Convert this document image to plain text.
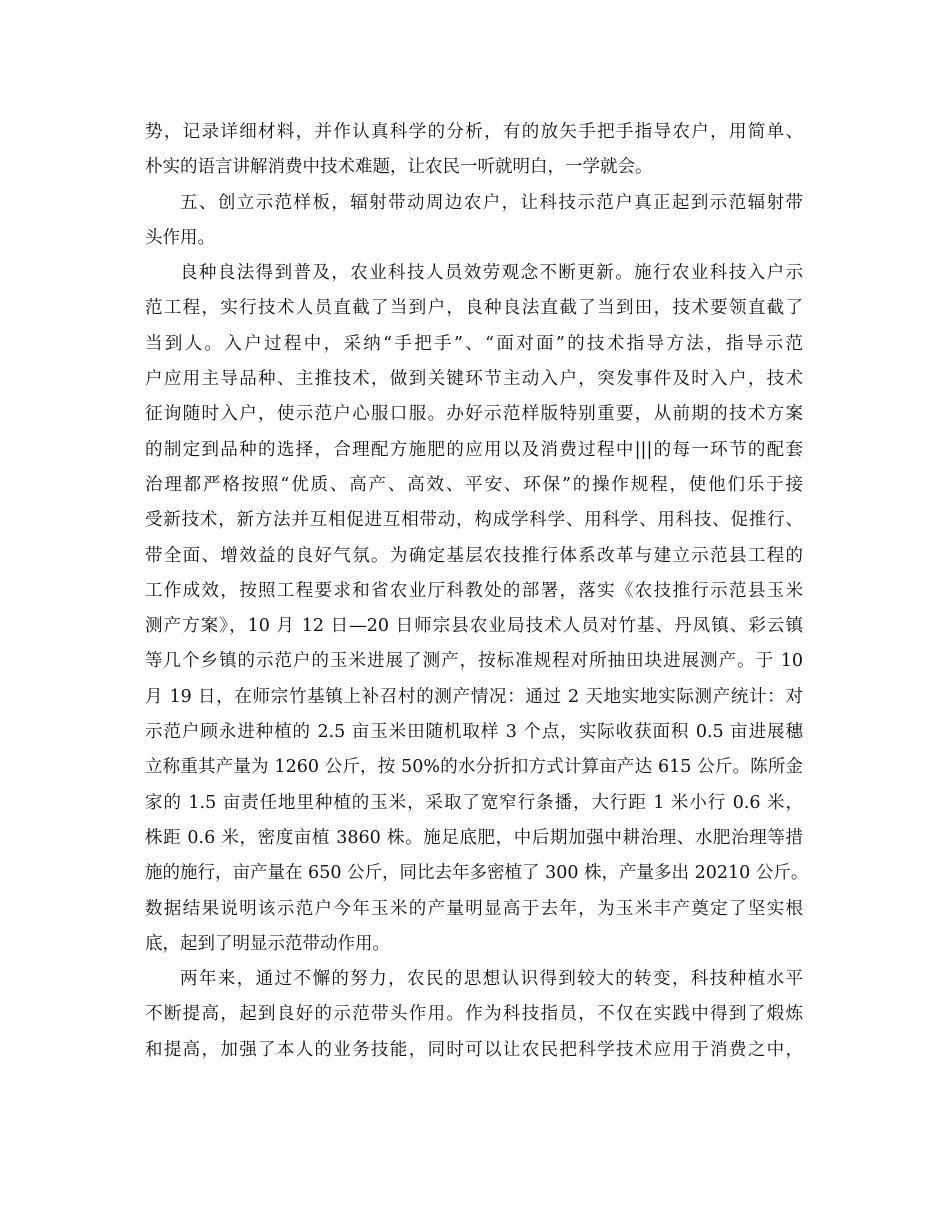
势，记录详细材料，并作认真科学的分析，有的放矢手把手指导农户，用简单、
朴实的语言讲解消费中技术难题，让农民一听就明白，一学就会。

五、创立示范样板，辐射带动周边农户，让科技示范户真正起到示范辐射带
头作用。

良种良法得到普及，农业科技人员效劳观念不断更新。施行农业科技入户示
范工程，实行技术人员直截了当到户，良种良法直截了当到田，技术要领直截了
当到人。入户过程中，采纳“手把手”、“面对面”的技术指导方法，指导示范
户应用主导品种、主推技术，做到关键环节主动入户，突发事件及时入户，技术
征询随时入户，使示范户心服口服。办好示范样版特别重要，从前期的技术方案
的制定到品种的选择，合理配方施肥的应用以及消费过程中|||的每一环节的配套
治理都严格按照“优质、高产、高效、平安、环保”的操作规程，使他们乐于接
受新技术，新方法并互相促进互相带动，构成学科学、用科学、用科技、促推行、
带全面、增效益的良好气氛。为确定基层农技推行体系改革与建立示范县工程的
工作成效，按照工程要求和省农业厅科教处的部署，落实《农技推行示范县玉米
测产方案》，10 月 12 日—20 日师宗县农业局技术人员对竹基、丹凤镇、彩云镇
等几个乡镇的示范户的玉米进展了测产，按标准规程对所抽田块进展测产。于 10
月 19 日，在师宗竹基镇上补召村的测产情况：通过 2 天地实地实际测产统计：对
示范户顾永进种植的 2.5 亩玉米田随机取样 3 个点，实际收获面积 0.5 亩进展穗
立称重其产量为 1260 公斤，按 50%的水分折扣方式计算亩产达 615 公斤。陈所金
家的 1.5 亩责任地里种植的玉米，采取了宽窄行条播，大行距 1 米小行 0.6 米，
株距 0.6 米，密度亩植 3860 株。施足底肥，中后期加强中耕治理、水肥治理等措
施的施行，亩产量在 650 公斤，同比去年多密植了 300 株，产量多出 20210 公斤。
数据结果说明该示范户今年玉米的产量明显高于去年，为玉米丰产奠定了坚实根
底，起到了明显示范带动作用。

两年来，通过不懈的努力，农民的思想认识得到较大的转变，科技种植水平
不断提高，起到良好的示范带头作用。作为科技指员，不仅在实践中得到了煅炼
和提高，加强了本人的业务技能，同时可以让农民把科学技术应用于消费之中，
